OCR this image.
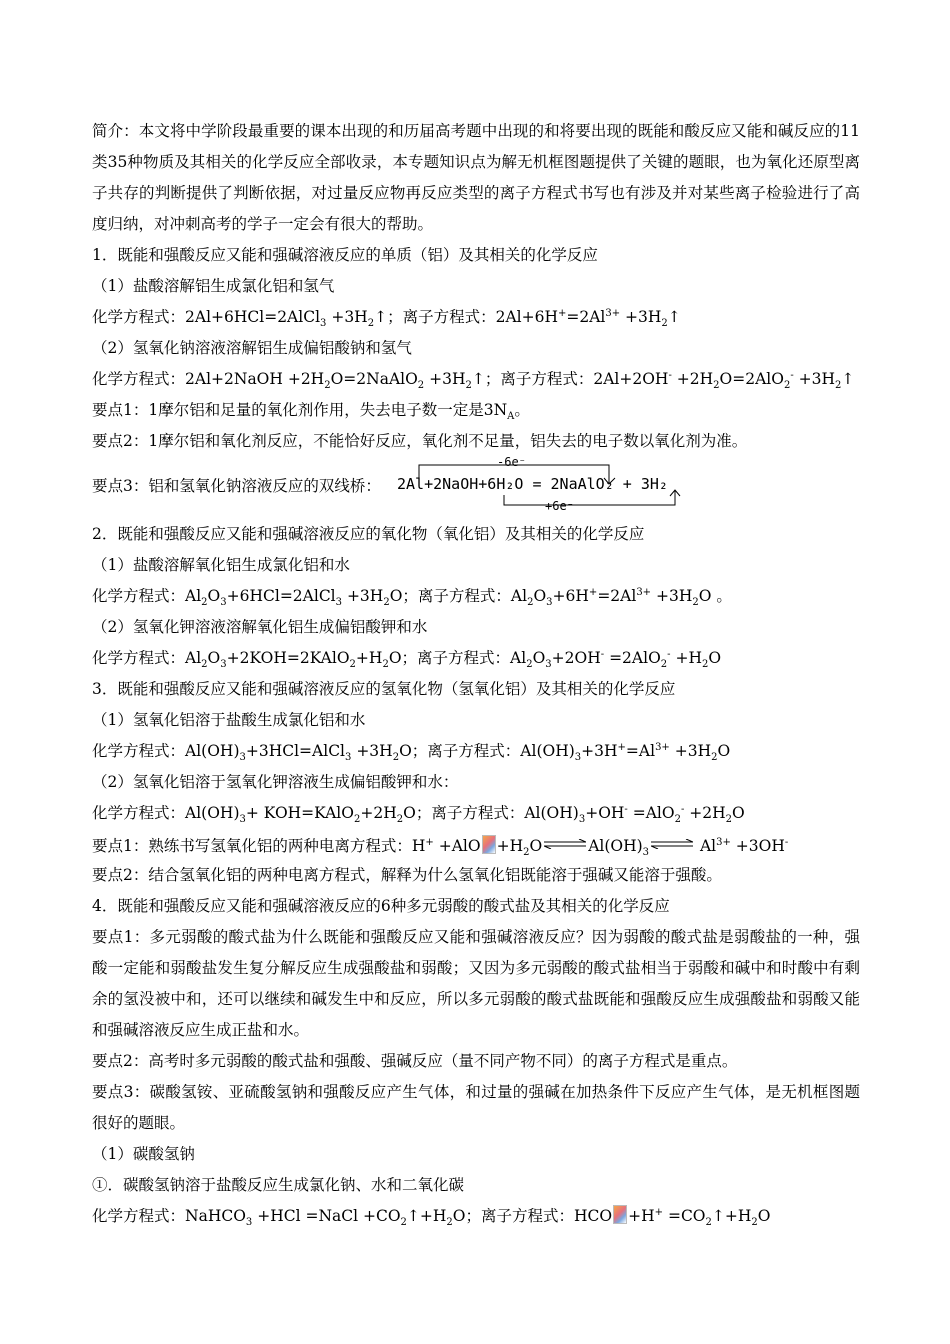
简介：本文将中学阶段最重要的课本出现的和历届高考题中出现的和将要出现的既能和酸反应又能和碱反应的11类35种物质及其相关的化学反应全部收录，本专题知识点为解无机框图题提供了关键的题眼，也为氧化还原型离子共存的判断提供了判断依据，对过量反应物再反应类型的离子方程式书写也有涉及并对某些离子检验进行了高度归纳，对冲刺高考的学子一定会有很大的帮助。
1．既能和强酸反应又能和强碱溶液反应的单质（铝）及其相关的化学反应
（1）盐酸溶解铝生成氯化铝和氢气
化学方程式：2Al+6HCl=2AlCl$_3$ $+3H_2↑$；离子方程式：$2Al+6H^+=2Al^{3+}$ $+3H_2↑$
（2）氢氧化钠溶液溶解铝生成偏铝酸钠和氢气
化学方程式：2Al+2NaOH $+2H_2O=2NaAlO_2$ $+3H_2↑$；离子方程式：$2Al+2OH^- +2H_2O=2AlO_2^-$ $+3H_2↑$
要点1：1摩尔铝和足量的氧化剂作用，失去电子数一定是$3N_A$。
要点2：1摩尔铝和氧化剂反应，不能恰好反应，氧化剂不足量，铝失去的电子数以氧化剂为准。
要点3：铝和氢氧化钠溶液反应的双线桥：
-6e⁻
2Al+2NaOH+6H₂O = 2NaAlO₂ + 3H₂
+6e⁻
2．既能和强酸反应又能和强碱溶液反应的氧化物（氧化铝）及其相关的化学反应
（1）盐酸溶解氧化铝生成氯化铝和水
化学方程式：$Al_2O_3+6HCl=2AlCl_3 +3H_2O$；离子方程式：$Al_2O_3+6H^+=2Al^{3+} +3H_2O$ 。
（2）氢氧化钾溶液溶解氧化铝生成偏铝酸钾和水
化学方程式：$Al_2O_3+2KOH=2KAlO_2+H_2O$；离子方程式：$Al_2O_3+2OH^- =2AlO_2^- +H_2O$
3．既能和强酸反应又能和强碱溶液反应的氢氧化物（氢氧化铝）及其相关的化学反应
（1）氢氧化铝溶于盐酸生成氯化铝和水
化学方程式：$Al(OH)_3+3HCl=AlCl_3 +3H_2O$；离子方程式：$Al(OH)_3+3H^+=Al^{3+} +3H_2O$
（2）氢氧化铝溶于氢氧化钾溶液生成偏铝酸钾和水：
化学方程式：$Al(OH)_3+$ $KOH=KAlO_2+2H_2O$；离子方程式：$Al(OH)_3+OH^- =AlO_2^- +2H_2O$
要点1：熟练书写氢氧化铝的两种电离方程式：$H^+ +AlO +H_2O$	$Al(OH)_3$	$Al^{3+} +3OH^-$
要点2：结合氢氧化铝的两种电离方程式，解释为什么氢氧化铝既能溶于强碱又能溶于强酸。
4．既能和强酸反应又能和强碱溶液反应的6种多元弱酸的酸式盐及其相关的化学反应
要点1：多元弱酸的酸式盐为什么既能和强酸反应又能和强碱溶液反应？因为弱酸的酸式盐是弱酸盐的一种，强酸一定能和弱酸盐发生复分解反应生成强酸盐和弱酸；又因为多元弱酸的酸式盐相当于弱酸和碱中和时酸中有剩余的氢没被中和，还可以继续和碱发生中和反应，所以多元弱酸的酸式盐既能和强酸反应生成强酸盐和弱酸又能和强碱溶液反应生成正盐和水。
要点2：高考时多元弱酸的酸式盐和强酸、强碱反应（量不同产物不同）的离子方程式是重点。
要点3：碳酸氢铵、亚硫酸氢钠和强酸反应产生气体，和过量的强碱在加热条件下反应产生气体，是无机框图题很好的题眼。
（1）碳酸氢钠
①．碳酸氢钠溶于盐酸反应生成氯化钠、水和二氧化碳
化学方程式：NaHCO$_3$ +HCl =NaCl $+CO_2↑+H_2O$；离子方程式：HCO $+H^+ =CO_2↑+H_2O$
